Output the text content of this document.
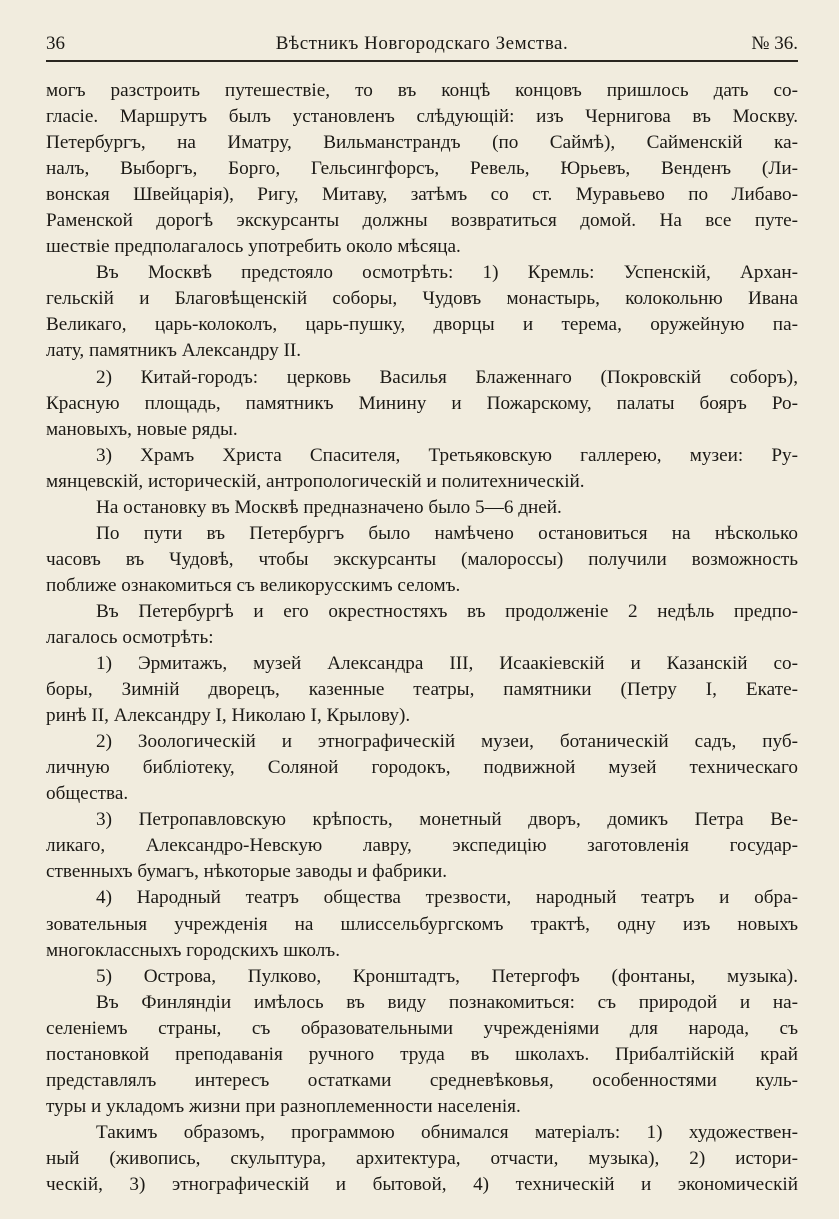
Вѣстникъ Новгородскаго Земства.
36	№ 36.
могъ разстроить путешествіе, то въ концѣ концовъ пришлось дать со-
гласіе. Маршрутъ былъ установленъ слѣдующій: изъ Чернигова въ Москву.
Петербургъ, на Иматру, Вильманстрандъ (по Саймѣ), Сайменскій ка-
налъ, Выборгъ, Борго, Гельсингфорсъ, Ревель, Юрьевъ, Венденъ (Ли-
вонская Швейцарія), Ригу, Митаву, затѣмъ со ст. Муравьево по Либаво-
Раменской дорогѣ экскурсанты должны возвратиться домой. На все путе-
шествіе предполагалось употребить около мѣсяца.
Въ Москвѣ предстояло осмотрѣть: 1) Кремль: Успенскій, Архан-
гельскій и Благовѣщенскій соборы, Чудовъ монастырь, колокольню Ивана
Великаго, царь-колоколъ, царь-пушку, дворцы и терема, оружейную па-
лату, памятникъ Александру II.
2) Китай-городъ: церковь Василья Блаженнаго (Покровскій соборъ),
Красную площадь, памятникъ Минину и Пожарскому, палаты бояръ Ро-
мановыхъ, новые ряды.
3) Храмъ Христа Спасителя, Третьяковскую галлерею, музеи: Ру-
мянцевскій, историческій, антропологическій и политехническій.
На остановку въ Москвѣ предназначено было 5—6 дней.
По пути въ Петербургъ было намѣчено остановиться на нѣсколько
часовъ въ Чудовѣ, чтобы экскурсанты (малороссы) получили возможность
поближе ознакомиться съ великорусскимъ селомъ.
Въ Петербургѣ и его окрестностяхъ въ продолженіе 2 недѣль предпо-
лагалось осмотрѣть:
1) Эрмитажъ, музей Александра III, Исаакіевскій и Казанскій со-
боры, Зимній дворецъ, казенные театры, памятники (Петру I, Екате-
ринѣ II, Александру I, Николаю I, Крылову).
2) Зоологическій и этнографическій музеи, ботаническій садъ, пуб-
личную библіотеку, Соляной городокъ, подвижной музей техническаго
общества.
3) Петропавловскую крѣпость, монетный дворъ, домикъ Петра Ве-
ликаго, Александро-Невскую лавру, экспедицію заготовленія государ-
ственныхъ бумагъ, нѣкоторые заводы и фабрики.
4) Народный театръ общества трезвости, народный театръ и обра-
зовательныя учрежденія на шлиссельбургскомъ трактѣ, одну изъ новыхъ
многоклассныхъ городскихъ школъ.
5) Острова, Пулково, Кронштадтъ, Петергофъ (фонтаны, музыка).
Въ Финляндіи имѣлось въ виду познакомиться: съ природой и на-
селеніемъ страны, съ образовательными учрежденіями для народа, съ
постановкой преподаванія ручного труда въ школахъ. Прибалтійскій край
представлялъ интересъ остатками средневѣковья, особенностями куль-
туры и укладомъ жизни при разноплеменности населенія.
Такимъ образомъ, программою обнимался матеріалъ: 1) художествен-
ный (живопись, скульптура, архитектура, отчасти, музыка), 2) истори-
ческій, 3) этнографическій и бытовой, 4) техническій и экономическій
